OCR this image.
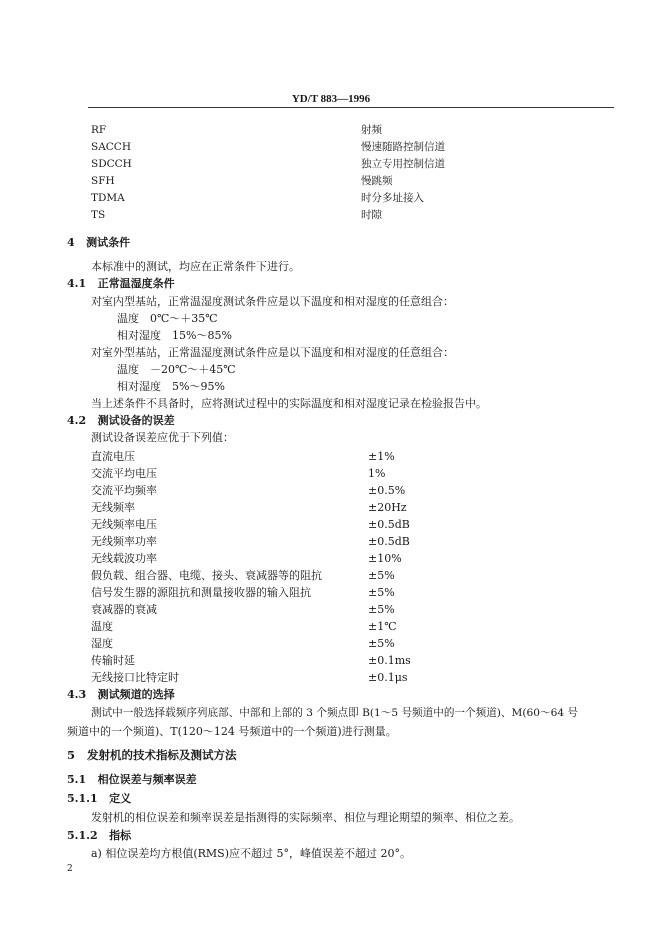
YD/T 883—1996
RF	射频
SACCH	慢速随路控制信道
SDCCH	独立专用控制信道
SFH	慢跳频
TDMA	时分多址接入
TS	时隙
4 测试条件
本标准中的测试，均应在正常条件下进行。
4.1 正常温湿度条件
对室内型基站，正常温湿度测试条件应是以下温度和相对湿度的任意组合：
温度　0℃～＋35℃
相对湿度　15%～85%
对室外型基站，正常温湿度测试条件应是以下温度和相对湿度的任意组合：
温度　－20℃～＋45℃
相对湿度　5%～95%
当上述条件不具备时，应将测试过程中的实际温度和相对湿度记录在检验报告中。
4.2 测试设备的误差
测试设备误差应优于下列值：
直流电压	±1%
交流平均电压	1%
交流平均频率	±0.5%
无线频率	±20Hz
无线频率电压	±0.5dB
无线频率功率	±0.5dB
无线载波功率	±10%
假负载、组合器、电缆、接头、衰减器等的阻抗	±5%
信号发生器的源阻抗和测量接收器的输入阻抗	±5%
衰减器的衰减	±5%
温度	±1℃
湿度	±5%
传输时延	±0.1ms
无线接口比特定时	±0.1μs
4.3 测试频道的选择
测试中一般选择载频序列底部、中部和上部的 3 个频点即 B(1～5 号频道中的一个频道)、M(60～64 号
频道中的一个频道)、T(120～124 号频道中的一个频道)进行测量。
5 发射机的技术指标及测试方法
5.1 相位误差与频率误差
5.1.1 定义
发射机的相位误差和频率误差是指测得的实际频率、相位与理论期望的频率、相位之差。
5.1.2 指标
a) 相位误差均方根值(RMS)应不超过 5°，峰值误差不超过 20°。
2
